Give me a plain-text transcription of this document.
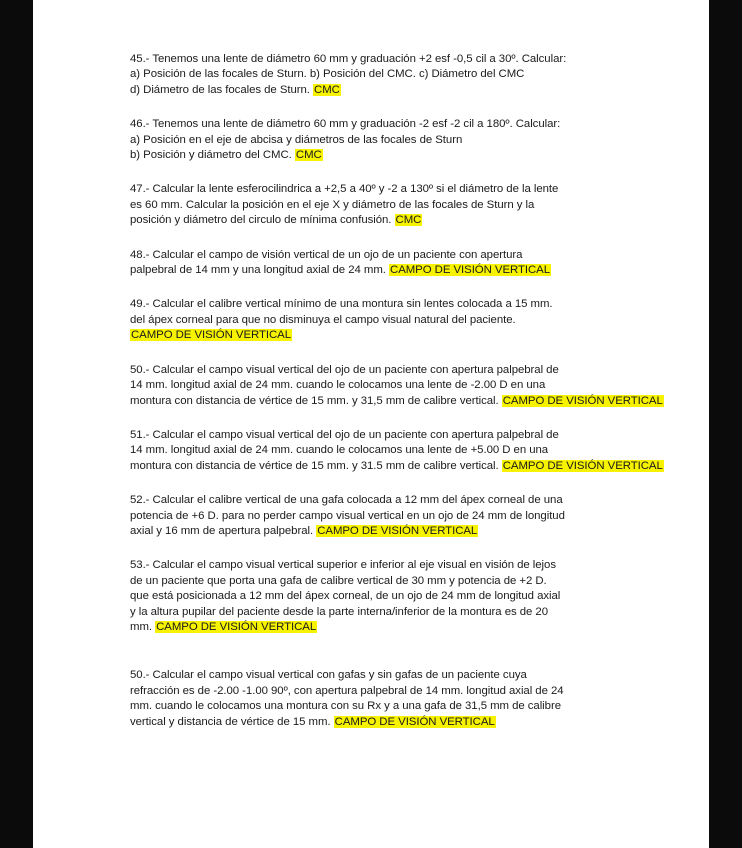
45.- Tenemos una lente de diámetro 60 mm y graduación +2 esf -0,5 cil a 30º. Calcular:
a) Posición de las focales de Sturn. b) Posición del CMC. c) Diámetro del CMC
d) Diámetro de las focales de Sturn. CMC
46.- Tenemos una lente de diámetro 60 mm y graduación -2 esf -2 cil a 180º. Calcular:
a) Posición en el eje de abcisa y diámetros de las focales de Sturn
b) Posición y diámetro del CMC. CMC
47.- Calcular la lente esferocilindrica a +2,5 a 40º y -2 a 130º si el diámetro de la lente
es 60 mm. Calcular la posición en el eje X y diámetro de las focales de Sturn y la
posición y diámetro del circulo de mínima confusión. CMC
48.- Calcular el campo de visión vertical de un ojo de un paciente con apertura
palpebral de 14 mm y una longitud axial de 24 mm. CAMPO DE VISIÓN VERTICAL
49.- Calcular el calibre vertical mínimo de una montura sin lentes colocada a 15 mm.
del ápex corneal para que no disminuya el campo visual natural del paciente.
CAMPO DE VISIÓN VERTICAL
50.- Calcular el campo visual vertical del ojo de un paciente con apertura palpebral de
14 mm. longitud axial de 24 mm. cuando le colocamos una lente de -2.00 D en una
montura con distancia de vértice de 15 mm. y 31,5 mm de calibre vertical. CAMPO DE VISIÓN VERTICAL
51.- Calcular el campo visual vertical del ojo de un paciente con apertura palpebral de
14 mm. longitud axial de 24 mm. cuando le colocamos una lente de +5.00 D en una
montura con distancia de vértice de 15 mm. y 31.5 mm de calibre vertical. CAMPO DE VISIÓN VERTICAL
52.- Calcular el calibre vertical de una gafa colocada a 12 mm del ápex corneal de una
potencia de +6 D. para no perder campo visual vertical en un ojo de 24 mm de longitud
axial y 16 mm de apertura palpebral. CAMPO DE VISIÓN VERTICAL
53.- Calcular el campo visual vertical superior e inferior al eje visual en visión de lejos
de un paciente que porta una gafa de calibre vertical de 30 mm y potencia de +2 D.
que está posicionada a 12 mm del ápex corneal, de un ojo de 24 mm de longitud axial
y la altura pupilar del paciente desde la parte interna/inferior de la montura es de 20
mm. CAMPO DE VISIÓN VERTICAL
50.- Calcular el campo visual vertical con gafas y sin gafas de un paciente cuya
refracción es de -2.00 -1.00 90º, con apertura palpebral de 14 mm. longitud axial de 24
mm. cuando le colocamos una montura con su Rx y a una gafa de 31,5 mm de calibre
vertical y distancia de vértice de 15 mm. CAMPO DE VISIÓN VERTICAL
